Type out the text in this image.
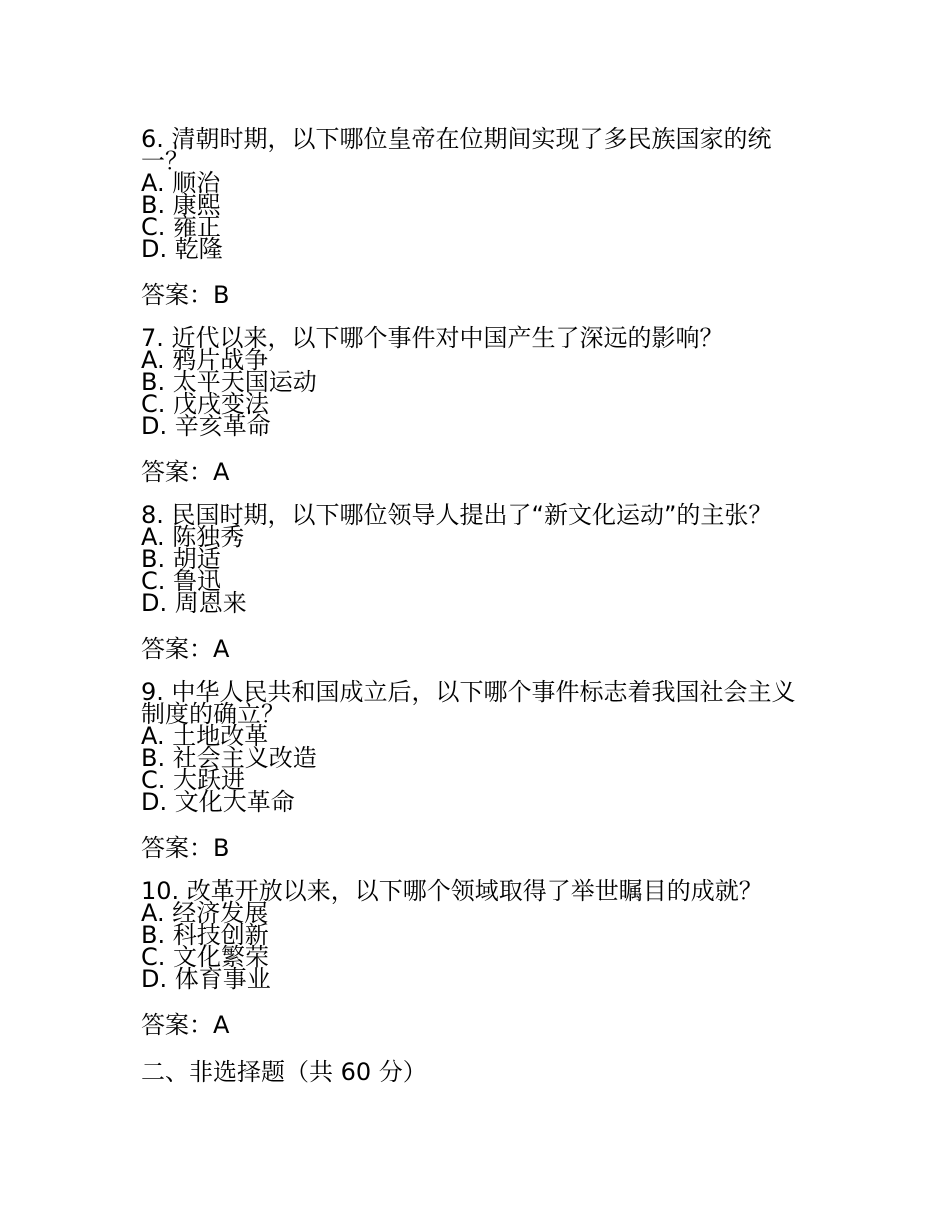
6. 清朝时期，以下哪位皇帝在位期间实现了多民族国家的统一？

A. 顺治
B. 康熙
C. 雍正
D. 乾隆
答案：B

7. 近代以来，以下哪个事件对中国产生了深远的影响？

A. 鸦片战争
B. 太平天国运动
C. 戊戌变法
D. 辛亥革命
答案：A

8. 民国时期，以下哪位领导人提出了“新文化运动”的主张？

A. 陈独秀
B. 胡适
C. 鲁迅
D. 周恩来
答案：A

9. 中华人民共和国成立后，以下哪个事件标志着我国社会主义制度的确立？

A. 土地改革
B. 社会主义改造
C. 大跃进
D. 文化大革命
答案：B

10. 改革开放以来，以下哪个领域取得了举世瞩目的成就？

A. 经济发展
B. 科技创新
C. 文化繁荣
D. 体育事业
答案：A
二、非选择题（共 60 分）
